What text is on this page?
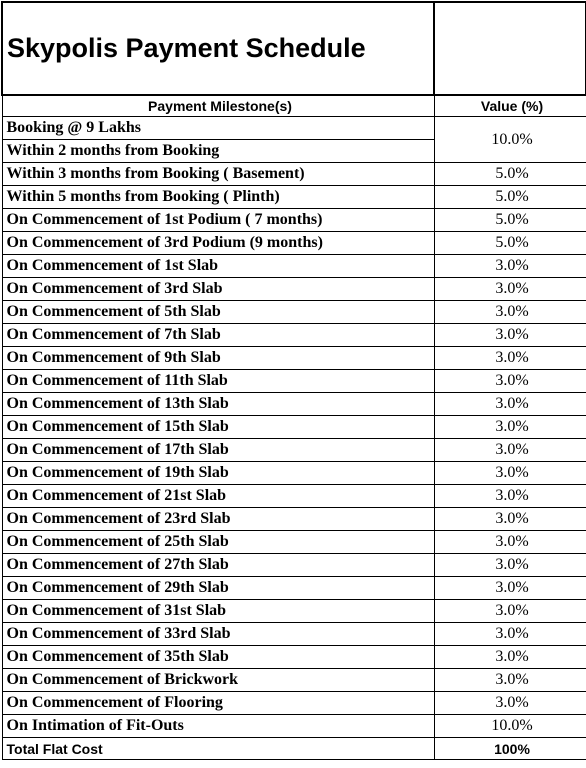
Skypolis Payment Schedule	
Payment Milestone(s)	Value (%)
Booking @ 9 Lakhs	10.0%
Within 2 months from Booking	
Within 3 months from Booking ( Basement)	5.0%
Within 5 months from Booking ( Plinth)	5.0%
On Commencement of 1st Podium ( 7 months)	5.0%
On Commencement of 3rd Podium (9 months)	5.0%
On Commencement of 1st Slab	3.0%
On Commencement of 3rd Slab	3.0%
On Commencement of 5th Slab	3.0%
On Commencement of 7th Slab	3.0%
On Commencement of 9th Slab	3.0%
On Commencement of 11th Slab	3.0%
On Commencement of 13th Slab	3.0%
On Commencement of 15th Slab	3.0%
On Commencement of 17th Slab	3.0%
On Commencement of 19th Slab	3.0%
On Commencement of 21st Slab	3.0%
On Commencement of 23rd Slab	3.0%
On Commencement of 25th Slab	3.0%
On Commencement of 27th Slab	3.0%
On Commencement of 29th Slab	3.0%
On Commencement of 31st Slab	3.0%
On Commencement of 33rd Slab	3.0%
On Commencement of 35th Slab	3.0%
On Commencement of Brickwork	3.0%
On Commencement of Flooring	3.0%
On Intimation of Fit-Outs	10.0%
Total Flat Cost	100%
